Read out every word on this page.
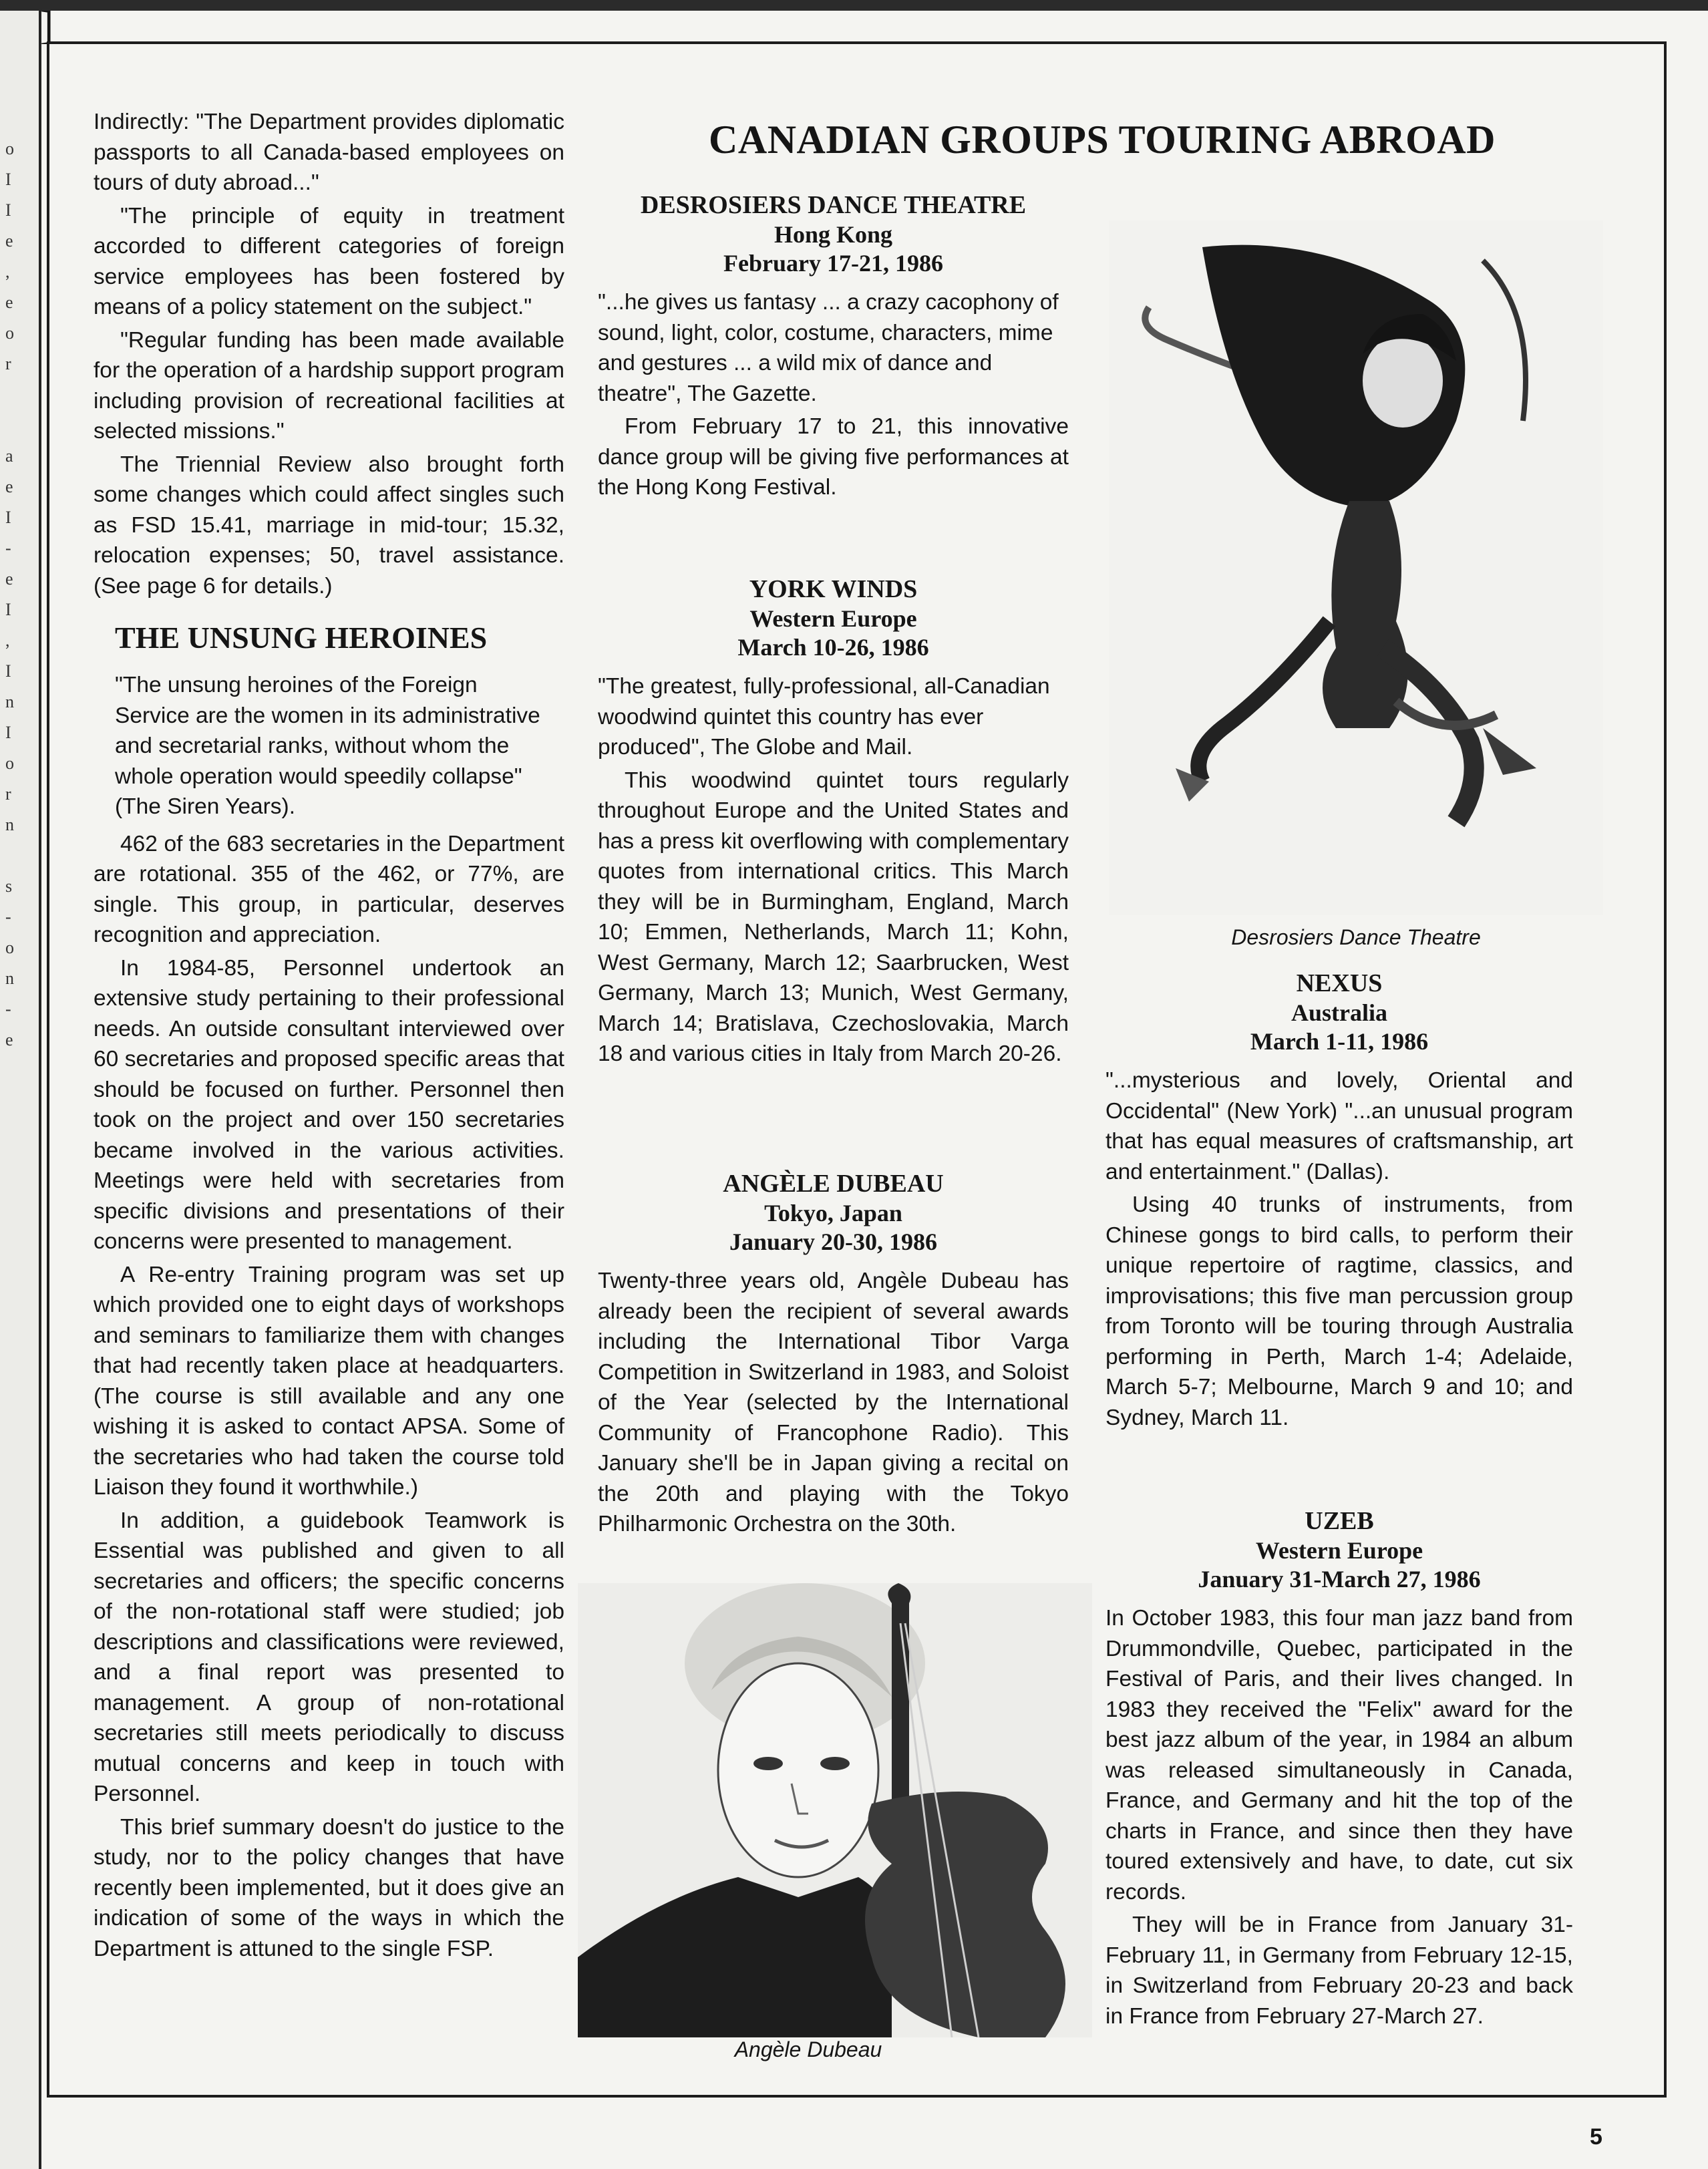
o
I
I
e
,
e
o
r

a
e
I
-
e
I
,
I
n
I
o
r
n

s
-
o
n
-
e
]

Indirectly: "The Department provides diplomatic passports to all Canada-based employees on tours of duty abroad..."

"The principle of equity in treatment accorded to different categories of foreign service employees has been fostered by means of a policy statement on the subject."

"Regular funding has been made available for the operation of a hardship support program including provision of recreational facilities at selected missions."

The Triennial Review also brought forth some changes which could affect singles such as FSD 15.41, marriage in mid-tour; 15.32, relocation expenses; 50, travel assistance. (See page 6 for details.)

THE UNSUNG HEROINES

"The unsung heroines of the Foreign Service are the women in its administrative and secretarial ranks, without whom the whole operation would speedily collapse" (The Siren Years).

462 of the 683 secretaries in the Department are rotational. 355 of the 462, or 77%, are single. This group, in particular, deserves recognition and appreciation.

In 1984-85, Personnel undertook an extensive study pertaining to their professional needs. An outside consultant interviewed over 60 secretaries and proposed specific areas that should be focused on further. Personnel then took on the project and over 150 secretaries became involved in the various activities. Meetings were held with secretaries from specific divisions and presentations of their concerns were presented to management.

A Re-entry Training program was set up which provided one to eight days of workshops and seminars to familiarize them with changes that had recently taken place at headquarters. (The course is still available and any one wishing it is asked to contact APSA. Some of the secretaries who had taken the course told Liaison they found it worthwhile.)

In addition, a guidebook Teamwork is Essential was published and given to all secretaries and officers; the specific concerns of the non-rotational staff were studied; job descriptions and classifications were reviewed, and a final report was presented to management. A group of non-rotational secretaries still meets periodically to discuss mutual concerns and keep in touch with Personnel.

This brief summary doesn't do justice to the study, nor to the policy changes that have recently been implemented, but it does give an indication of some of the ways in which the Department is attuned to the single FSP.

CANADIAN GROUPS TOURING ABROAD
DESROSIERS DANCE THEATRE
Hong Kong
February 17-21, 1986

"...he gives us fantasy ... a crazy cacophony of sound, light, color, costume, characters, mime and gestures ... a wild mix of dance and theatre", The Gazette.

From February 17 to 21, this innovative dance group will be giving five performances at the Hong Kong Festival.

YORK WINDS
Western Europe
March 10-26, 1986

"The greatest, fully-professional, all-Canadian woodwind quintet this country has ever produced", The Globe and Mail.

This woodwind quintet tours regularly throughout Europe and the United States and has a press kit overflowing with complementary quotes from international critics. This March they will be in Burmingham, England, March 10; Emmen, Netherlands, March 11; Kohn, West Germany, March 12; Saarbrucken, West Germany, March 13; Munich, West Germany, March 14; Bratislava, Czechoslovakia, March 18 and various cities in Italy from March 20-26.

ANGÈLE DUBEAU
Tokyo, Japan
January 20-30, 1986

Twenty-three years old, Angèle Dubeau has already been the recipient of several awards including the International Tibor Varga Competition in Switzerland in 1983, and Soloist of the Year (selected by the International Community of Francophone Radio). This January she'll be in Japan giving a recital on the 20th and playing with the Tokyo Philharmonic Orchestra on the 30th.

Angèle Dubeau
Desrosiers Dance Theatre
NEXUS
Australia
March 1-11, 1986

"...mysterious and lovely, Oriental and Occidental" (New York) "...an unusual program that has equal measures of craftsmanship, art and entertainment." (Dallas).

Using 40 trunks of instruments, from Chinese gongs to bird calls, to perform their unique repertoire of ragtime, classics, and improvisations; this five man percussion group from Toronto will be touring through Australia performing in Perth, March 1-4; Adelaide, March 5-7; Melbourne, March 9 and 10; and Sydney, March 11.

UZEB
Western Europe
January 31-March 27, 1986

In October 1983, this four man jazz band from Drummondville, Quebec, participated in the Festival of Paris, and their lives changed. In 1983 they received the "Felix" award for the best jazz album of the year, in 1984 an album was released simultaneously in Canada, France, and Germany and hit the top of the charts in France, and since then they have toured extensively and have, to date, cut six records.

They will be in France from January 31-February 11, in Germany from February 12-15, in Switzerland from February 20-23 and back in France from February 27-March 27.

5
